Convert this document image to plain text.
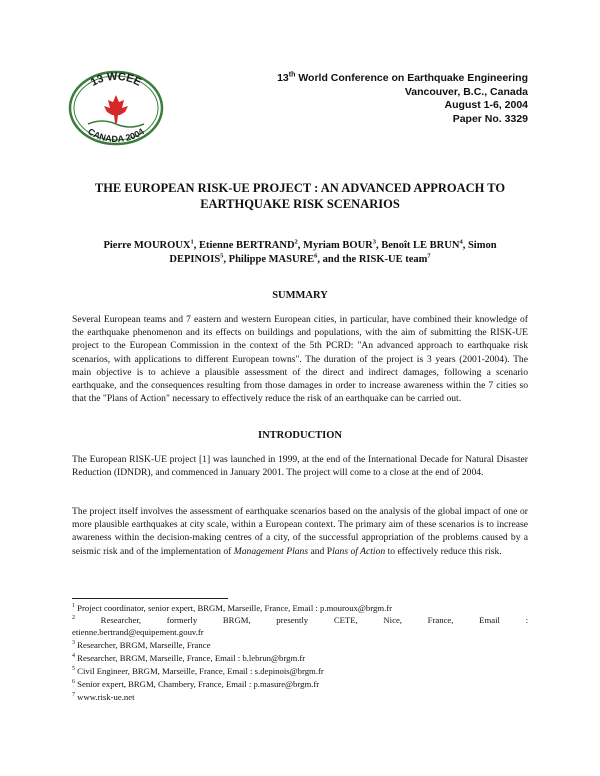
13 WCEE
CANADA 2004
13th World Conference on Earthquake Engineering
Vancouver, B.C., Canada
August 1-6, 2004
Paper No. 3329
THE EUROPEAN RISK-UE PROJECT : AN ADVANCED APPROACH TO
EARTHQUAKE RISK SCENARIOS
Pierre MOUROUX$^1$, Etienne BERTRAND$^2$, Myriam BOUR$^3$, Benoît LE BRUN$^4$, Simon DEPINOIS$^5$, Philippe MASURE$^6$, and the RISK-UE team$^7$
SUMMARY
Several European teams and 7 eastern and western European cities, in particular, have combined their knowledge of the earthquake phenomenon and its effects on buildings and populations, with the aim of submitting the RISK-UE project to the European Commission in the context of the 5th PCRD: "An advanced approach to earthquake risk scenarios, with applications to different European towns". The duration of the project is 3 years (2001-2004). The main objective is to achieve a plausible assessment of the direct and indirect damages, following a scenario earthquake, and the consequences resulting from those damages in order to increase awareness within the 7 cities so that the "Plans of Action" necessary to effectively reduce the risk of an earthquake can be carried out.
INTRODUCTION
The European RISK-UE project [1] was launched in 1999, at the end of the International Decade for Natural Disaster Reduction (IDNDR), and commenced in January 2001. The project will come to a close at the end of 2004.
The project itself involves the assessment of earthquake scenarios based on the analysis of the global impact of one or more plausible earthquakes at city scale, within a European context. The primary aim of these scenarios is to increase awareness within the decision-making centres of a city, of the successful appropriation of the problems caused by a seismic risk and of the implementation of Management Plans and Plans of Action to effectively reduce this risk.
$^1$ Project coordinator, senior expert, BRGM, Marseille, France, Email : p.mouroux@brgm.fr
$^2$ Researcher, formerly BRGM, presently CETE, Nice, France, Email :
etienne.bertrand@equipement.gouv.fr
$^3$ Researcher, BRGM, Marseille, France
$^4$ Researcher, BRGM, Marseille, France, Email : b.lebrun@brgm.fr
$^5$ Civil Engineer, BRGM, Marseille, France, Email : s.depinois@brgm.fr
$^6$ Senior expert, BRGM, Chambery, France, Email : p.masure@brgm.fr
$^7$ www.risk-ue.net
